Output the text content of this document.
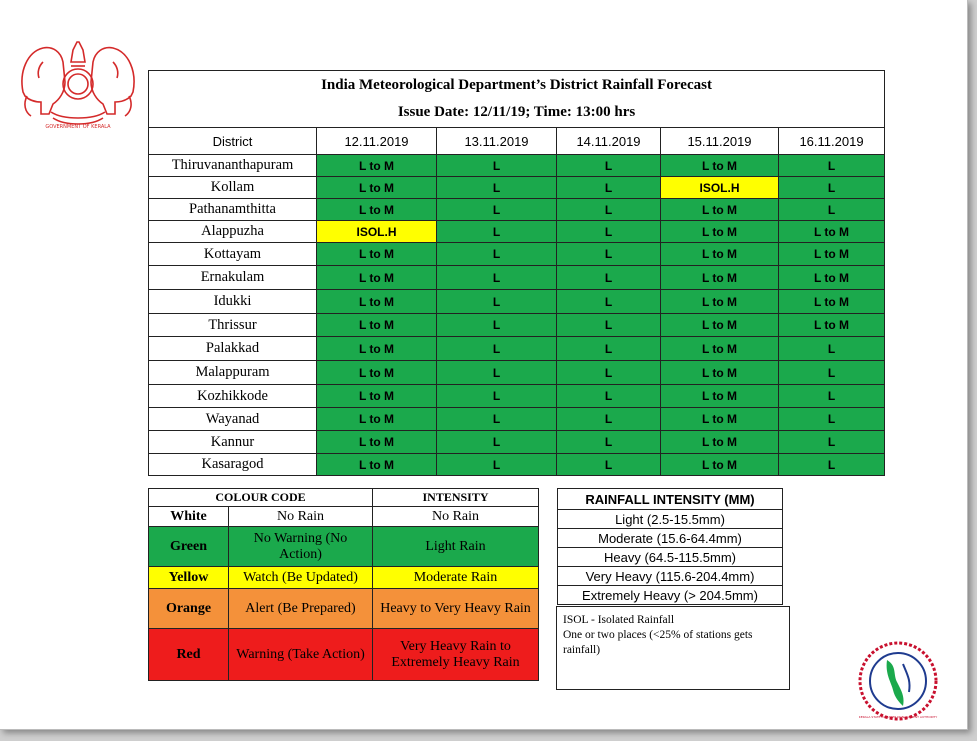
GOVERNMENT OF KERALA
India Meteorological Department’s District Rainfall Forecast
Issue Date: 12/11/19; Time: 13:00 hrs					

District	12.11.2019	13.11.2019	14.11.2019	15.11.2019	16.11.2019
Thiruvananthapuram	L to M	L	L	L to M	L
Kollam	L to M	L	L	ISOL.H	L
Pathanamthitta	L to M	L	L	L to M	L
Alappuzha	ISOL.H	L	L	L to M	L to M
Kottayam	L to M	L	L	L to M	L to M
Ernakulam	L to M	L	L	L to M	L to M
Idukki	L to M	L	L	L to M	L to M
Thrissur	L to M	L	L	L to M	L to M
Palakkad	L to M	L	L	L to M	L
Malappuram	L to M	L	L	L to M	L
Kozhikkode	L to M	L	L	L to M	L
Wayanad	L to M	L	L	L to M	L
Kannur	L to M	L	L	L to M	L
Kasaragod	L to M	L	L	L to M	L
COLOUR CODE		INTENSITY
White	No Rain	No Rain
Green	No Warning (No Action)	Light Rain
Yellow	Watch (Be Updated)	Moderate Rain
Orange	Alert (Be Prepared)	Heavy to Very Heavy Rain
Red	Warning (Take Action)	Very Heavy Rain to Extremely Heavy Rain
RAINFALL INTENSITY (MM)
Light (2.5-15.5mm)
Moderate (15.6-64.4mm)
Heavy (64.5-115.5mm)
Very Heavy (115.6-204.4mm)
Extremely Heavy (> 204.5mm)
ISOL - Isolated Rainfall
One or two places (<25% of stations gets rainfall)
KERALA STATE DISASTER MANAGEMENT AUTHORITY
